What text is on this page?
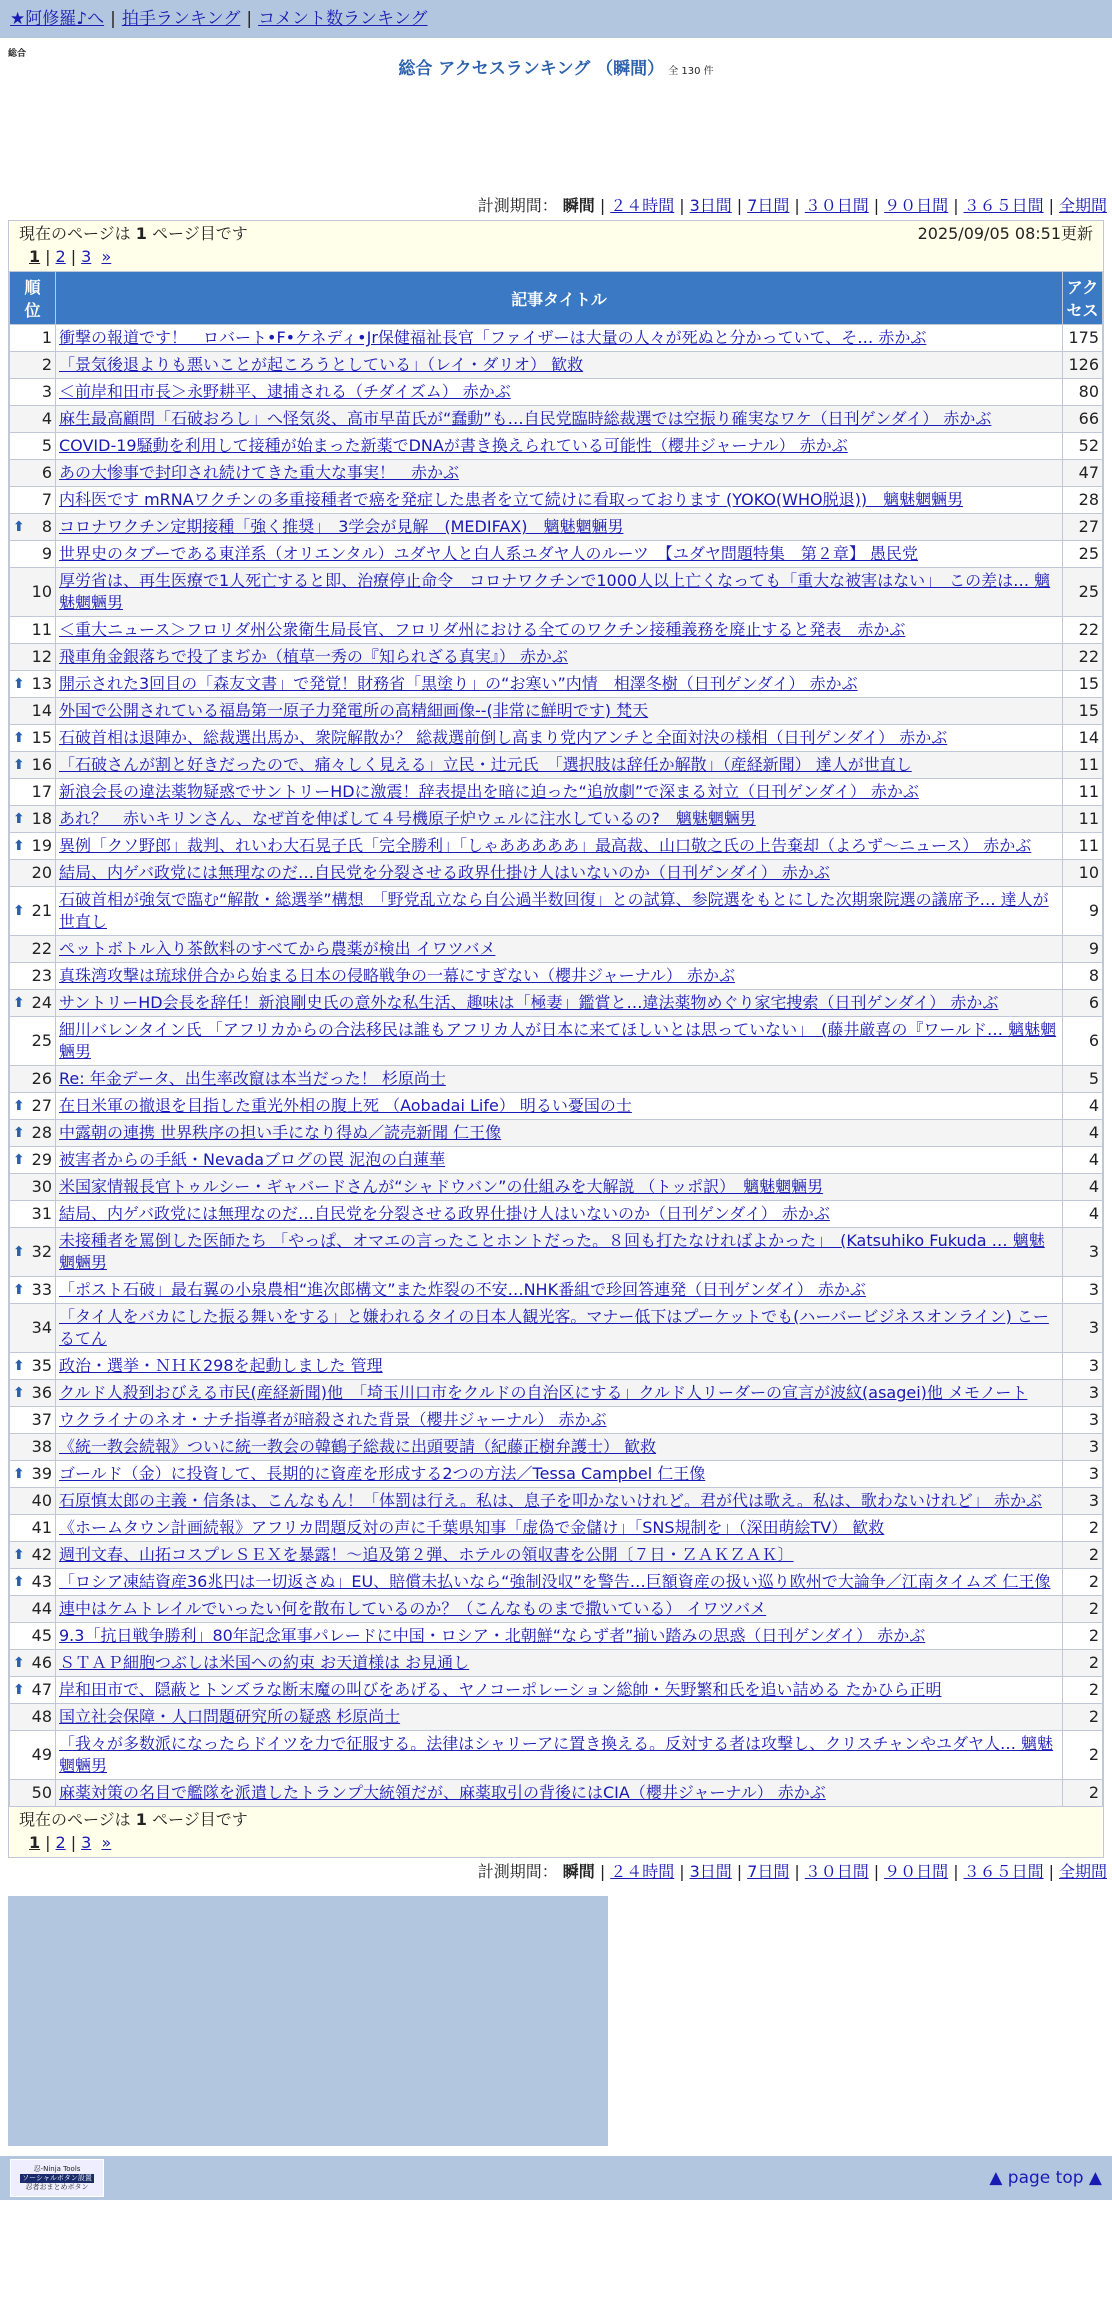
★阿修羅♪へ | 拍手ランキング | コメント数ランキング
総合
総合 アクセスランキング （瞬間） 全 130 件
計測期間： 瞬間 | ２４時間 | 3日間 | 7日間 | ３０日間 | ９０日間 | ３６５日間 | 全期間
現在のページは 1 ページ目です	2025/09/05 08:51更新
1 | 2 | 3 »
順位	記事タイトル	アクセス
1	衝撃の報道です！　ロバート•F•ケネディ•Jr保健福祉長官「ファイザーは大量の人々が死ぬと分かっていて、そ… 赤かぶ	175
2	「景気後退よりも悪いことが起ころうとしている」（レイ・ダリオ） 歓救	126
3	＜前岸和田市長＞永野耕平、逮捕される（チダイズム） 赤かぶ	80
4	麻生最高顧問「石破おろし」へ怪気炎、高市早苗氏が“蠢動”も…自民党臨時総裁選では空振り確実なワケ（日刊ゲンダイ） 赤かぶ	66
5	COVID-19騒動を利用して接種が始まった新薬でDNAが書き換えられている可能性（櫻井ジャーナル） 赤かぶ	52
6	あの大惨事で封印され続けてきた重大な事実！　赤かぶ	47
7	内科医です mRNAワクチンの多重接種者で癌を発症した患者を立て続けに看取っております (YOKO(WHO脱退))　魑魅魍魎男	28

⬆ 8	コロナワクチン定期接種「強く推奨」　3学会が見解　(MEDIFAX)　魑魅魍魎男	27
9	世界史のタブーである東洋系（オリエンタル）ユダヤ人と白人系ユダヤ人のルーツ　【ユダヤ問題特集　第２章】 愚民党	25
10	厚労省は、再生医療で1人死亡すると即、治療停止命令　コロナワクチンで1000人以上亡くなっても「重大な被害はない」　この差は… 魑魅魍魎男	25
11	＜重大ニュース＞フロリダ州公衆衛生局長官、フロリダ州における全てのワクチン接種義務を廃止すると発表　赤かぶ	22
12	飛車角金銀落ちで投了まぢか（植草一秀の『知られざる真実』） 赤かぶ	22

⬆ 13	開示された3回目の「森友文書」で発覚！財務省「黒塗り」の“お寒い”内情　相澤冬樹（日刊ゲンダイ） 赤かぶ	15
14	外国で公開されている福島第一原子力発電所の高精細画像--(非常に鮮明です) 梵天	15

⬆ 15	石破首相は退陣か、総裁選出馬か、衆院解散か？ 総裁選前倒し高まり党内アンチと全面対決の様相（日刊ゲンダイ） 赤かぶ	14

⬆ 16	「石破さんが割と好きだったので、痛々しく見える」立民・辻元氏　「選択肢は辞任か解散」（産経新聞） 達人が世直し	11
17	新浪会長の違法薬物疑惑でサントリーHDに激震！辞表提出を暗に迫った“追放劇”で深まる対立（日刊ゲンダイ） 赤かぶ	11

⬆ 18	あれ？　赤いキリンさん、なぜ首を伸ばして４号機原子炉ウェルに注水しているの?　魑魅魍魎男	11

⬆ 19	異例「クソ野郎」裁判、れいわ大石晃子氏「完全勝利」「しゃあああああ」最高裁、山口敬之氏の上告棄却（よろず～ニュース） 赤かぶ	11
20	結局、内ゲバ政党には無理なのだ…自民党を分裂させる政界仕掛け人はいないのか（日刊ゲンダイ） 赤かぶ	10

⬆ 21	石破首相が強気で臨む“解散・総選挙”構想　「野党乱立なら自公過半数回復」との試算、参院選をもとにした次期衆院選の議席予… 達人が世直し	9
22	ペットボトル入り茶飲料のすべてから農薬が検出 イワツバメ	9
23	真珠湾攻撃は琉球併合から始まる日本の侵略戦争の一幕にすぎない（櫻井ジャーナル） 赤かぶ	8

⬆ 24	サントリーHD会長を辞任！新浪剛史氏の意外な私生活、趣味は「極妻」鑑賞と…違法薬物めぐり家宅捜索（日刊ゲンダイ） 赤かぶ	6
25	細川バレンタイン氏 「アフリカからの合法移民は誰もアフリカ人が日本に来てほしいとは思っていない」　(藤井厳喜の『ワールド… 魑魅魍魎男	6
26	Re: 年金データ、出生率改竄は本当だった！ 杉原尚士	5

⬆ 27	在日米軍の撤退を目指した重光外相の腹上死 （Aobadai Life） 明るい憂国の士	4

⬆ 28	中露朝の連携 世界秩序の担い手になり得ぬ／読売新聞 仁王像	4

⬆ 29	被害者からの手紙・Nevadaブログの罠 泥泡の白蓮華	4
30	米国家情報長官トゥルシー・ギャバードさんが“シャドウバン”の仕組みを大解説 （トッポ訳）　魑魅魍魎男	4
31	結局、内ゲバ政党には無理なのだ…自民党を分裂させる政界仕掛け人はいないのか（日刊ゲンダイ） 赤かぶ	4

⬆ 32	未接種者を罵倒した医師たち 「やっぱ、オマエの言ったことホントだった。８回も打たなければよかった」　(Katsuhiko Fukuda … 魑魅魍魎男	3

⬆ 33	「ポスト石破」最右翼の小泉農相“進次郎構文”また炸裂の不安…NHK番組で珍回答連発（日刊ゲンダイ） 赤かぶ	3
34	「タイ人をバカにした振る舞いをする」と嫌われるタイの日本人観光客。マナー低下はプーケットでも(ハーバービジネスオンライン) こーるてん	3

⬆ 35	政治・選挙・ＮＨＫ298を起動しました 管理	3

⬆ 36	クルド人殺到おびえる市民(産経新聞)他　「埼玉川口市をクルドの自治区にする」クルド人リーダーの宣言が波紋(asagei)他 メモノート	3
37	ウクライナのネオ・ナチ指導者が暗殺された背景（櫻井ジャーナル） 赤かぶ	3
38	《統一教会続報》ついに統一教会の韓鶴子総裁に出頭要請（紀藤正樹弁護士） 歓救	3

⬆ 39	ゴールド（金）に投資して、長期的に資産を形成する2つの方法／Tessa Campbel 仁王像	3
40	石原慎太郎の主義・信条は、こんなもん！「体罰は行え。私は、息子を叩かないけれど。君が代は歌え。私は、歌わないけれど」 赤かぶ	3
41	《ホームタウン計画続報》アフリカ問題反対の声に千葉県知事「虚偽で金儲け」「SNS規制を」（深田萌絵TV） 歓救	2

⬆ 42	週刊文春、山拓コスプレＳＥＸを暴露！～追及第２弾、ホテルの領収書を公開〔７日・ＺＡＫＺＡＫ〕	2

⬆ 43	「ロシア凍結資産36兆円は一切返さぬ」EU、賠償未払いなら“強制没収”を警告…巨額資産の扱い巡り欧州で大論争／江南タイムズ 仁王像	2
44	連中はケムトレイルでいったい何を散布しているのか？（こんなものまで撒いている） イワツバメ	2
45	9.3「抗日戦争勝利」80年記念軍事パレードに中国・ロシア・北朝鮮“ならず者”揃い踏みの思惑（日刊ゲンダイ） 赤かぶ	2

⬆ 46	ＳＴＡＰ細胞つぶしは米国への約束 お天道様は お見通し	2

⬆ 47	岸和田市で、隠蔽とトンズラな断末魔の叫びをあげる、ヤノコーポレーション総帥・矢野繁和氏を追い詰める たかひら正明	2
48	国立社会保障・人口問題研究所の疑惑 杉原尚士	2
49	「我々が多数派になったらドイツを力で征服する。法律はシャリーアに置き換える。反対する者は攻撃し、クリスチャンやユダヤ人… 魑魅魍魎男	2
50	麻薬対策の名目で艦隊を派遣したトランプ大統領だが、麻薬取引の背後にはCIA（櫻井ジャーナル） 赤かぶ	2
現在のページは 1 ページ目です
1 | 2 | 3 »
計測期間： 瞬間 | ２４時間 | 3日間 | 7日間 | ３０日間 | ９０日間 | ３６５日間 | 全期間
忍-Ninja Tools
ソーシャルボタン設置
忍者おまとめボタン	▲ page top ▲
